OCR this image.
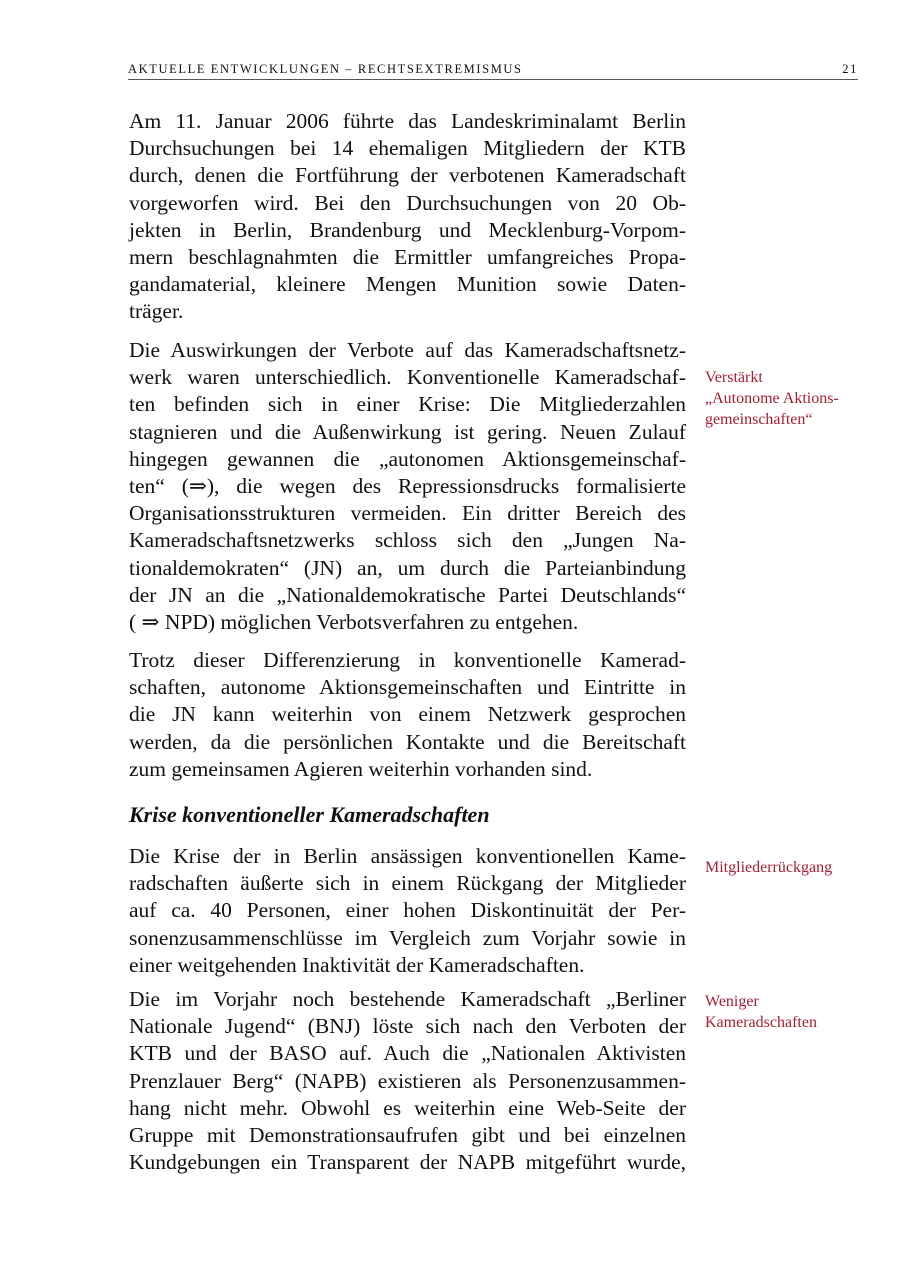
AKTUELLE ENTWICKLUNGEN – RECHTSEXTREMISMUS	21

Am 11. Januar 2006 führte das Landeskriminalamt Berlin
Durchsuchungen bei 14 ehemaligen Mitgliedern der KTB
durch, denen die Fortführung der verbotenen Kameradschaft
vorgeworfen wird. Bei den Durchsuchungen von 20 Ob-
jekten in Berlin, Brandenburg und Mecklenburg-Vorpom-
mern beschlagnahmten die Ermittler umfangreiches Propa-
gandamaterial, kleinere Mengen Munition sowie Daten-
träger.

Die Auswirkungen der Verbote auf das Kameradschaftsnetz-
werk waren unterschiedlich. Konventionelle Kameradschaf-
ten befinden sich in einer Krise: Die Mitgliederzahlen
stagnieren und die Außenwirkung ist gering. Neuen Zulauf
hingegen gewannen die „autonomen Aktionsgemeinschaf-
ten“ (⇒), die wegen des Repressionsdrucks formalisierte
Organisationsstrukturen vermeiden. Ein dritter Bereich des
Kameradschaftsnetzwerks schloss sich den „Jungen Na-
tionaldemokraten“ (JN) an, um durch die Parteianbindung
der JN an die „Nationaldemokratische Partei Deutschlands“
( ⇒ NPD) möglichen Verbotsverfahren zu entgehen.

Trotz dieser Differenzierung in konventionelle Kamerad-
schaften, autonome Aktionsgemeinschaften und Eintritte in
die JN kann weiterhin von einem Netzwerk gesprochen
werden, da die persönlichen Kontakte und die Bereitschaft
zum gemeinsamen Agieren weiterhin vorhanden sind.

Krise konventioneller Kameradschaften

Die Krise der in Berlin ansässigen konventionellen Kame-
radschaften äußerte sich in einem Rückgang der Mitglieder
auf ca. 40 Personen, einer hohen Diskontinuität der Per-
sonenzusammenschlüsse im Vergleich zum Vorjahr sowie in
einer weitgehenden Inaktivität der Kameradschaften.

Die im Vorjahr noch bestehende Kameradschaft „Berliner
Nationale Jugend“ (BNJ) löste sich nach den Verboten der
KTB und der BASO auf. Auch die „Nationalen Aktivisten
Prenzlauer Berg“ (NAPB) existieren als Personenzusammen-
hang nicht mehr. Obwohl es weiterhin eine Web-Seite der
Gruppe mit Demonstrationsaufrufen gibt und bei einzelnen
Kundgebungen ein Transparent der NAPB mitgeführt wurde,

Verstärkt
„Autonome Aktions-
gemeinschaften“

Mitgliederrückgang

Weniger
Kameradschaften
